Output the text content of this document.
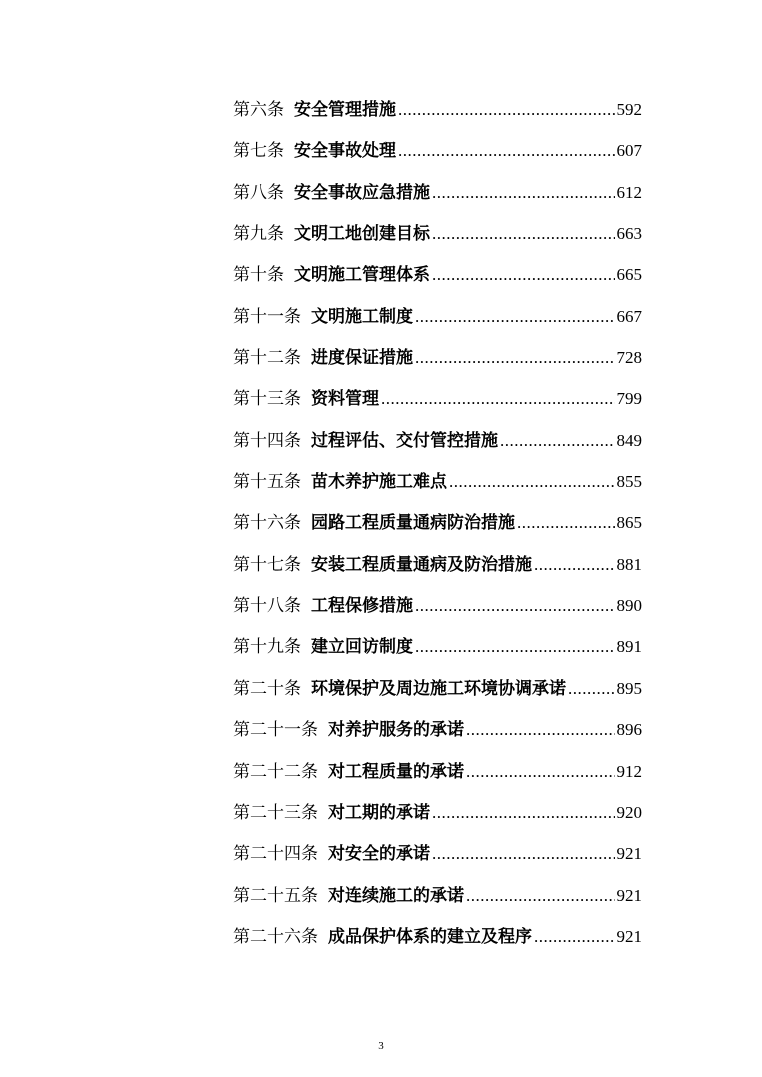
第六条 安全管理措施 .....	592
第七条 安全事故处理 .....	607
第八条 安全事故应急措施 .....	612
第九条 文明工地创建目标 .....	663
第十条 文明施工管理体系 .....	665
第十一条 文明施工制度 .....	667
第十二条 进度保证措施 .....	728
第十三条 资料管理 .....	799
第十四条 过程评估、交付管控措施 .....	849
第十五条 苗木养护施工难点 .....	855
第十六条 园路工程质量通病防治措施 .....	865
第十七条 安装工程质量通病及防治措施 .....	881
第十八条 工程保修措施 .....	890
第十九条 建立回访制度 .....	891
第二十条 环境保护及周边施工环境协调承诺 .....	895
第二十一条 对养护服务的承诺 .....	896
第二十二条 对工程质量的承诺 .....	912
第二十三条 对工期的承诺 .....	920
第二十四条 对安全的承诺 .....	921
第二十五条 对连续施工的承诺 .....	921
第二十六条 成品保护体系的建立及程序 .....	921
3
